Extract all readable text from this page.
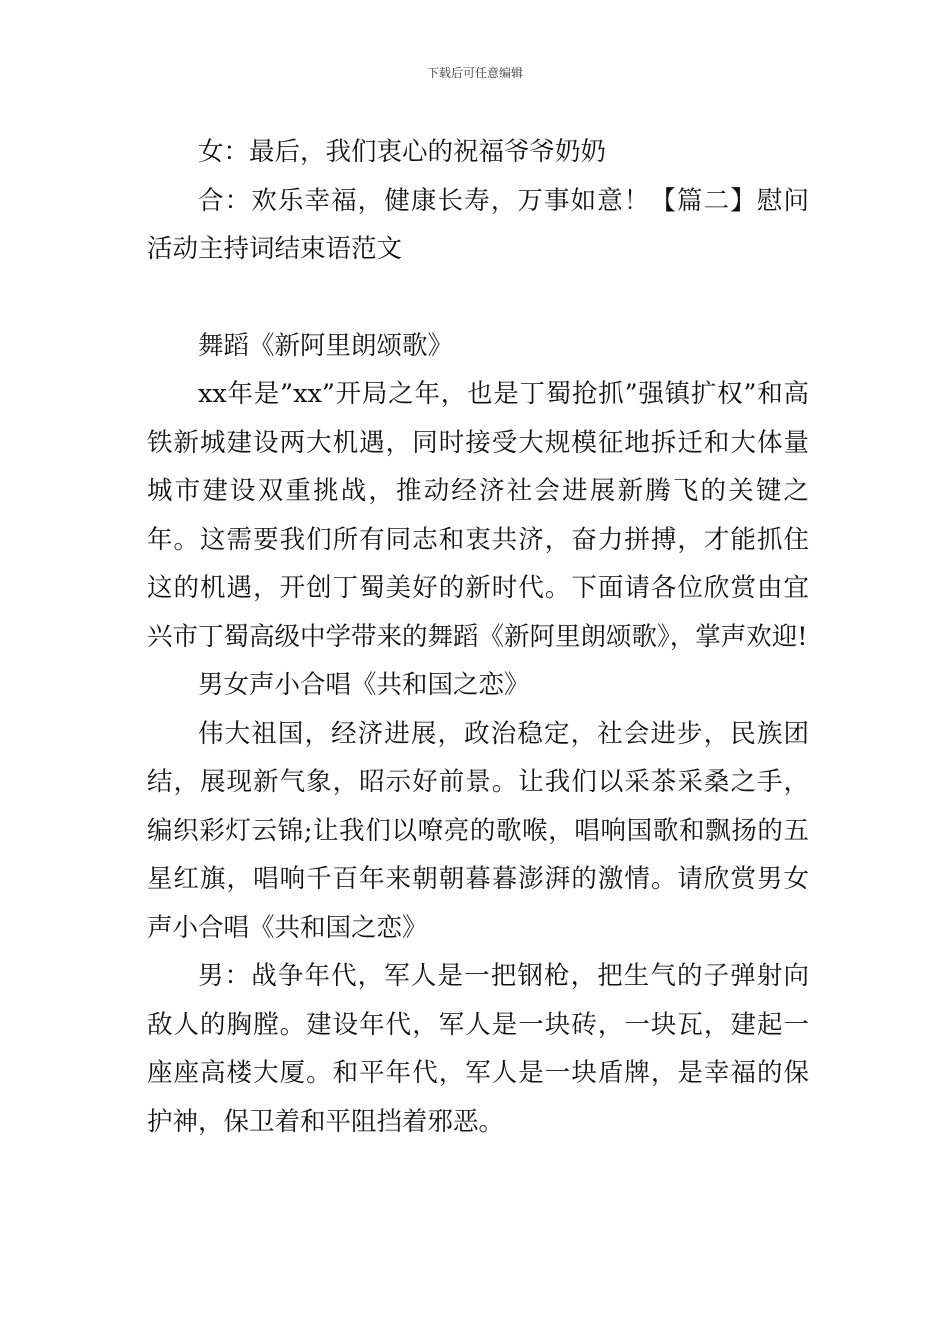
下载后可任意编辑

女：最后，我们衷心的祝福爷爷奶奶

合：欢乐幸福，健康长寿，万事如意！【篇二】慰问活动主持词结束语范文

舞蹈《新阿里朗颂歌》

xx年是”xx”开局之年，也是丁蜀抢抓”强镇扩权”和高铁新城建设两大机遇，同时接受大规模征地拆迁和大体量城市建设双重挑战，推动经济社会进展新腾飞的关键之年。这需要我们所有同志和衷共济，奋力拼搏，才能抓住这的机遇，开创丁蜀美好的新时代。下面请各位欣赏由宜兴市丁蜀高级中学带来的舞蹈《新阿里朗颂歌》，掌声欢迎!

男女声小合唱《共和国之恋》

伟大祖国，经济进展，政治稳定，社会进步，民族团结，展现新气象，昭示好前景。让我们以采茶采桑之手，编织彩灯云锦;让我们以嘹亮的歌喉，唱响国歌和飘扬的五星红旗，唱响千百年来朝朝暮暮澎湃的激情。请欣赏男女声小合唱《共和国之恋》

男：战争年代，军人是一把钢枪，把生气的子弹射向敌人的胸膛。建设年代，军人是一块砖，一块瓦，建起一座座高楼大厦。和平年代，军人是一块盾牌，是幸福的保护神，保卫着和平阻挡着邪恶。
